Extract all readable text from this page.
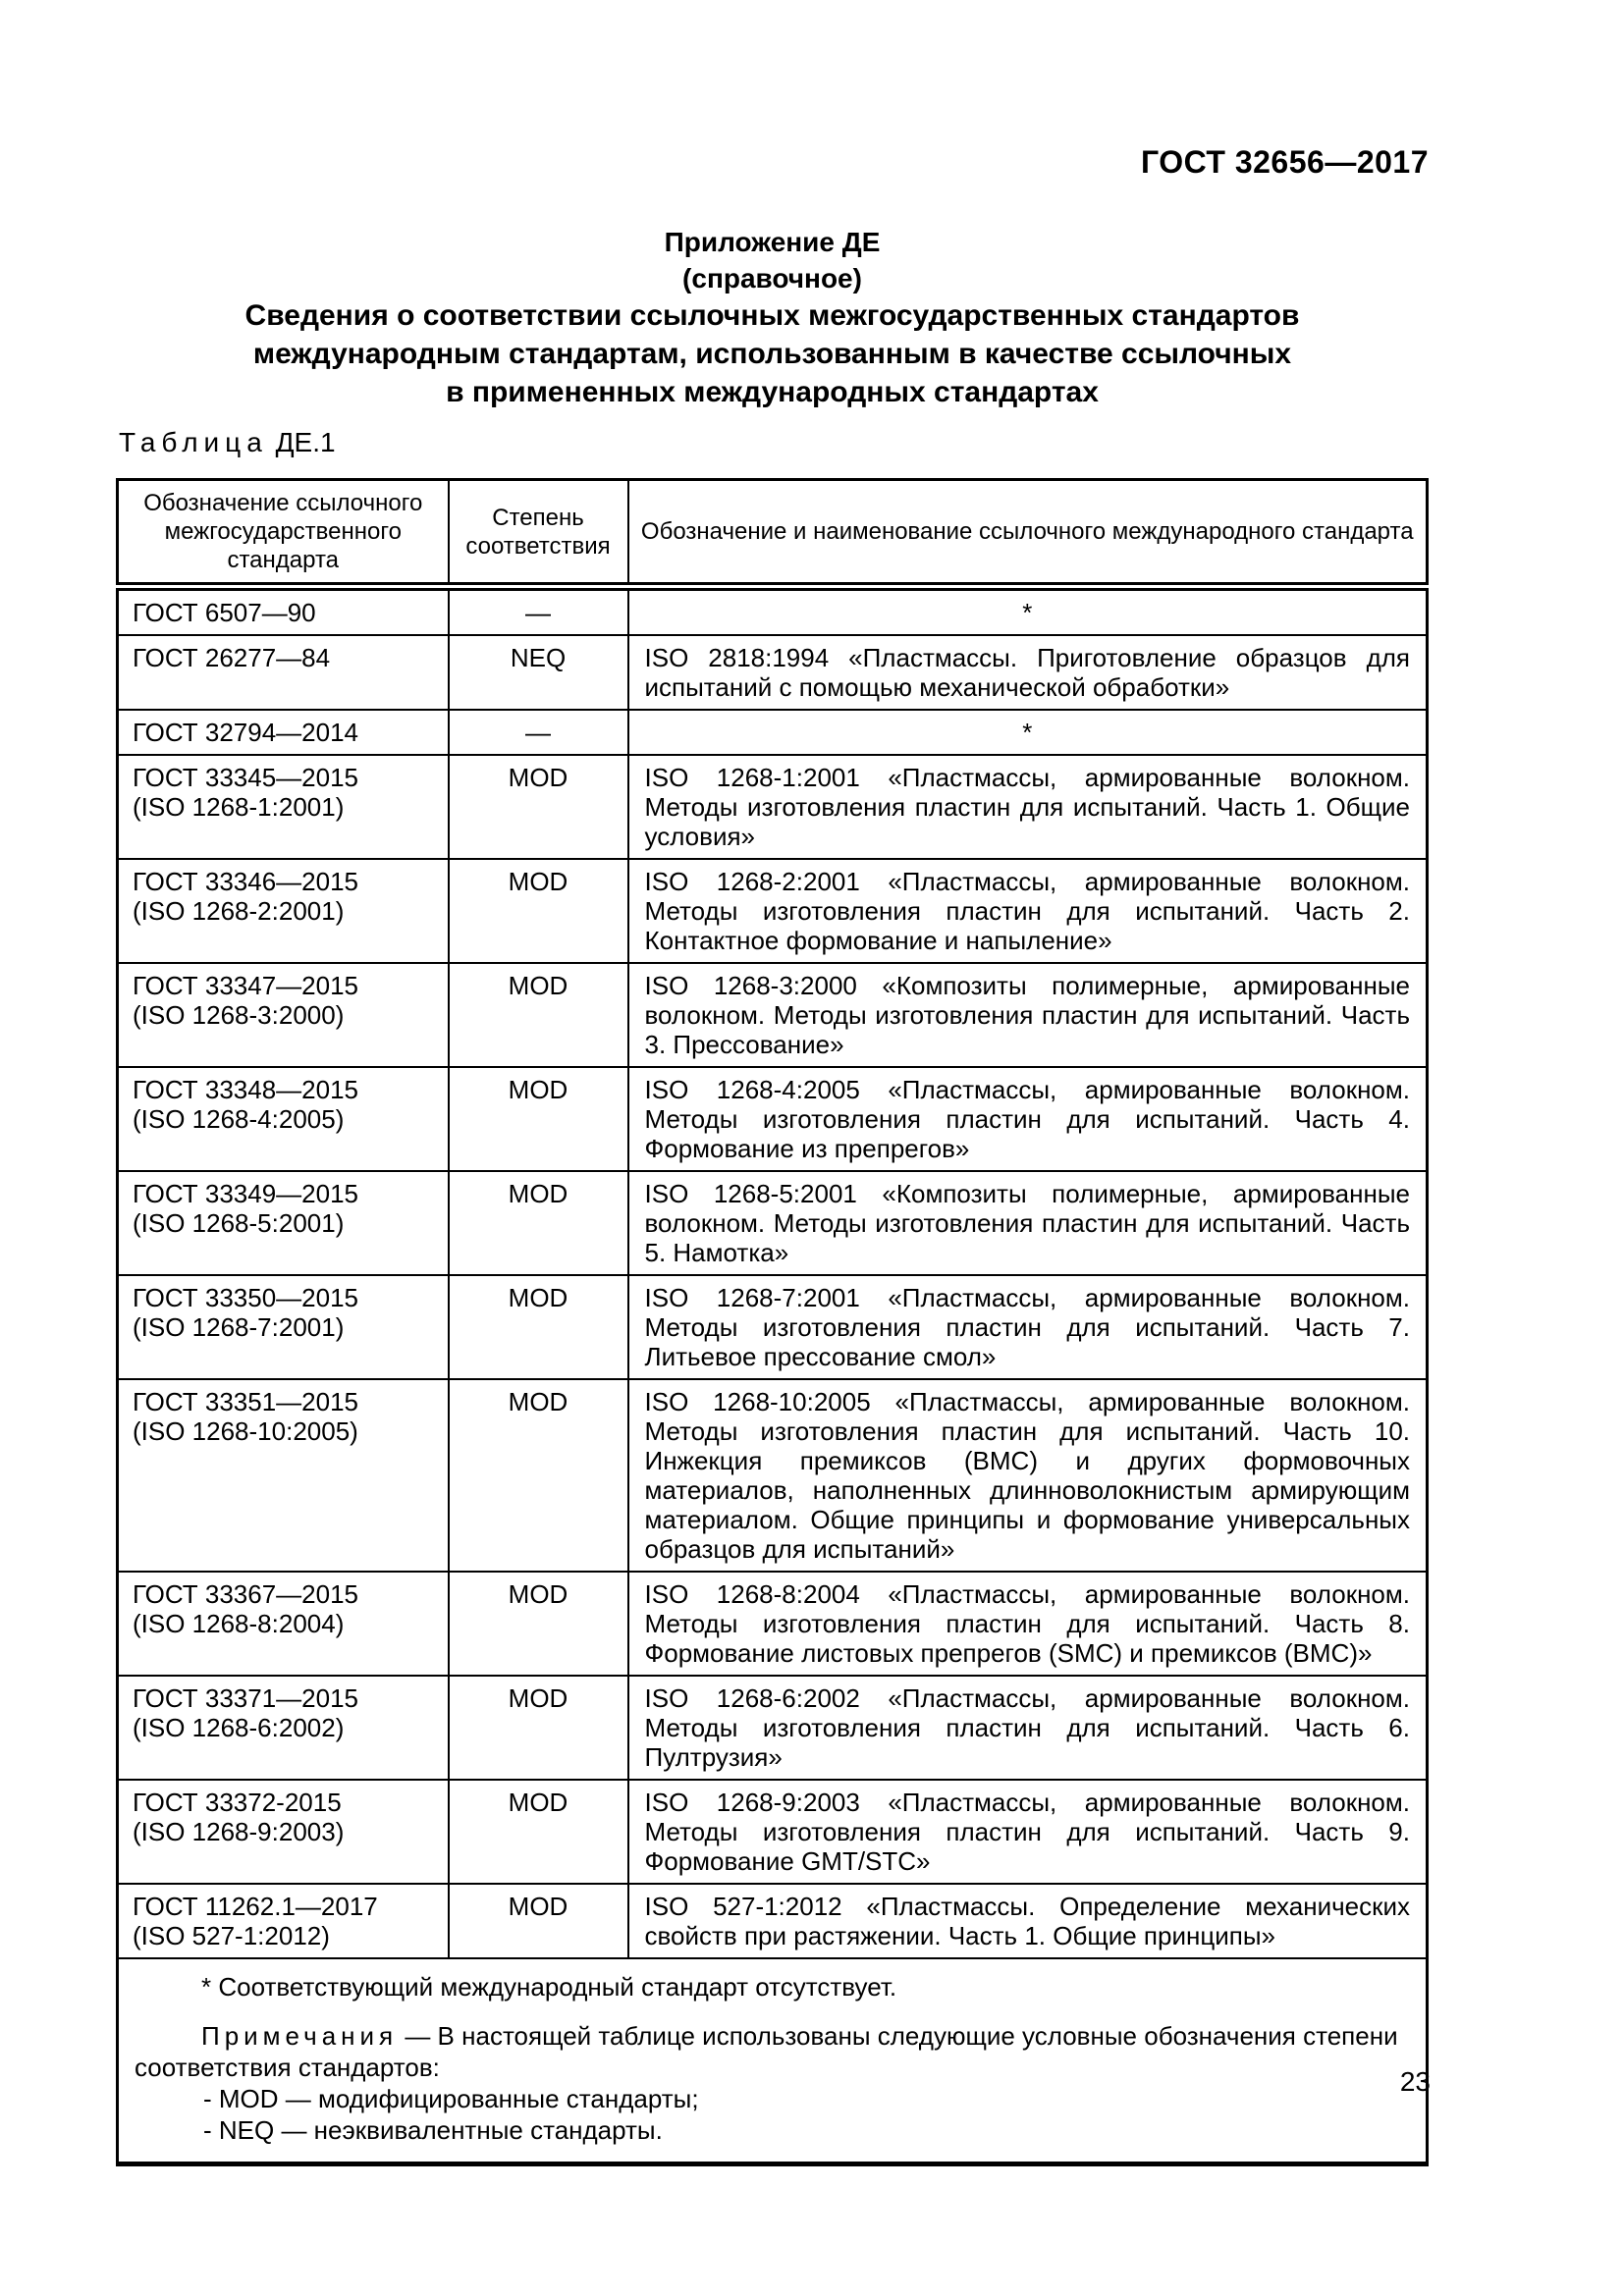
ГОСТ 32656—2017
Приложение ДЕ
(справочное)
Сведения о соответствии ссылочных межгосударственных стандартов
международным стандартам, использованным в качестве ссылочных
в примененных международных стандартах
Таблица ДЕ.1
Обозначение ссылочного межгосударственного стандарта	Степень соответствия	Обозначение и наименование ссылочного международного стандарта

ГОСТ 6507—90	—	*

ГОСТ 26277—84	NEQ	ISO 2818:1994 «Пластмассы. Приготовление образцов для испытаний с помощью механической обработки»

ГОСТ 32794—2014	—	*

ГОСТ 33345—2015
(ISO 1268-1:2001)	MOD	ISO 1268-1:2001 «Пластмассы, армированные волокном. Методы изготовления пластин для испытаний. Часть 1. Общие условия»

ГОСТ 33346—2015
(ISO 1268-2:2001)	MOD	ISO 1268-2:2001 «Пластмассы, армированные волокном. Методы изготовления пластин для испытаний. Часть 2. Контактное формование и напыление»

ГОСТ 33347—2015
(ISO 1268-3:2000)	MOD	ISO 1268-3:2000 «Композиты полимерные, армированные волокном. Методы изготовления пластин для испытаний. Часть 3. Прессование»

ГОСТ 33348—2015
(ISO 1268-4:2005)	MOD	ISO 1268-4:2005 «Пластмассы, армированные волокном. Методы изготовления пластин для испытаний. Часть 4. Формование из препрегов»

ГОСТ 33349—2015
(ISO 1268-5:2001)	MOD	ISO 1268-5:2001 «Композиты полимерные, армированные волокном. Методы изготовления пластин для испытаний. Часть 5. Намотка»

ГОСТ 33350—2015
(ISO 1268-7:2001)	MOD	ISO 1268-7:2001 «Пластмассы, армированные волокном. Методы изготовления пластин для испытаний. Часть 7. Литьевое прессование смол»

ГОСТ 33351—2015
(ISO 1268-10:2005)	MOD	ISO 1268-10:2005 «Пластмассы, армированные волокном. Методы изготовления пластин для испытаний. Часть 10. Инжекция премиксов (ВМС) и других формовочных материалов, наполненных длинноволокнистым армирующим материалом. Общие принципы и формование универсальных образцов для испытаний»

ГОСТ 33367—2015
(ISO 1268-8:2004)	MOD	ISO 1268-8:2004 «Пластмассы, армированные волокном. Методы изготовления пластин для испытаний. Часть 8. Формование листовых препрегов (SMC) и премиксов (ВМС)»

ГОСТ 33371—2015
(ISO 1268-6:2002)	MOD	ISO 1268-6:2002 «Пластмассы, армированные волокном. Методы изготовления пластин для испытаний. Часть 6. Пултрузия»

ГОСТ 33372-2015
(ISO 1268-9:2003)	MOD	ISO 1268-9:2003 «Пластмассы, армированные волокном. Методы изготовления пластин для испытаний. Часть 9. Формование GMT/STC»

ГОСТ 11262.1—2017
(ISO 527-1:2012)	MOD	ISO 527-1:2012 «Пластмассы. Определение механических свойств при растяжении. Часть 1. Общие принципы»

* Соответствующий международный стандарт отсутствует.

Примечания — В настоящей таблице использованы следующие условные обозначения степени соответствия стандартов:

- MOD — модифицированные стандарты;

- NEQ — неэквивалентные стандарты.		

23
